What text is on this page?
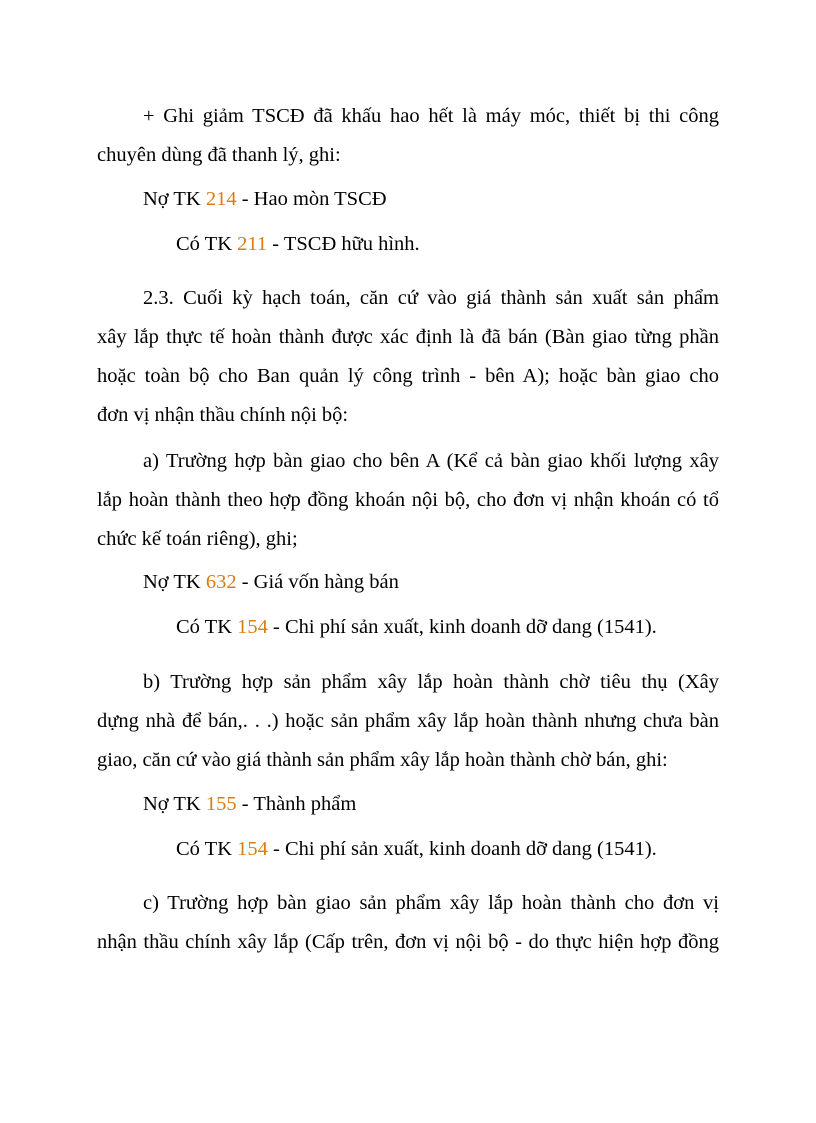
+ Ghi giảm TSCĐ đã khấu hao hết là máy móc, thiết bị thi công
chuyên dùng đã thanh lý, ghi:
Nợ TK 214 - Hao mòn TSCĐ
Có TK 211 - TSCĐ hữu hình.
2.3. Cuối kỳ hạch toán, căn cứ vào giá thành sản xuất sản phẩm
xây lắp thực tế hoàn thành được xác định là đã bán (Bàn giao từng phần
hoặc toàn bộ cho Ban quản lý công trình - bên A); hoặc bàn giao cho
đơn vị nhận thầu chính nội bộ:
a) Trường hợp bàn giao cho bên A (Kể cả bàn giao khối lượng xây
lắp hoàn thành theo hợp đồng khoán nội bộ, cho đơn vị nhận khoán có tổ
chức kế toán riêng), ghi;
Nợ TK 632 - Giá vốn hàng bán
Có TK 154 - Chi phí sản xuất, kinh doanh dỡ dang (1541).
b) Trường hợp sản phẩm xây lắp hoàn thành chờ tiêu thụ (Xây
dựng nhà để bán,. . .) hoặc sản phẩm xây lắp hoàn thành nhưng chưa bàn
giao, căn cứ vào giá thành sản phẩm xây lắp hoàn thành chờ bán, ghi:
Nợ TK 155 - Thành phẩm
Có TK 154 - Chi phí sản xuất, kinh doanh dỡ dang (1541).
c) Trường hợp bàn giao sản phẩm xây lắp hoàn thành cho đơn vị
nhận thầu chính xây lắp (Cấp trên, đơn vị nội bộ - do thực hiện hợp đồng
